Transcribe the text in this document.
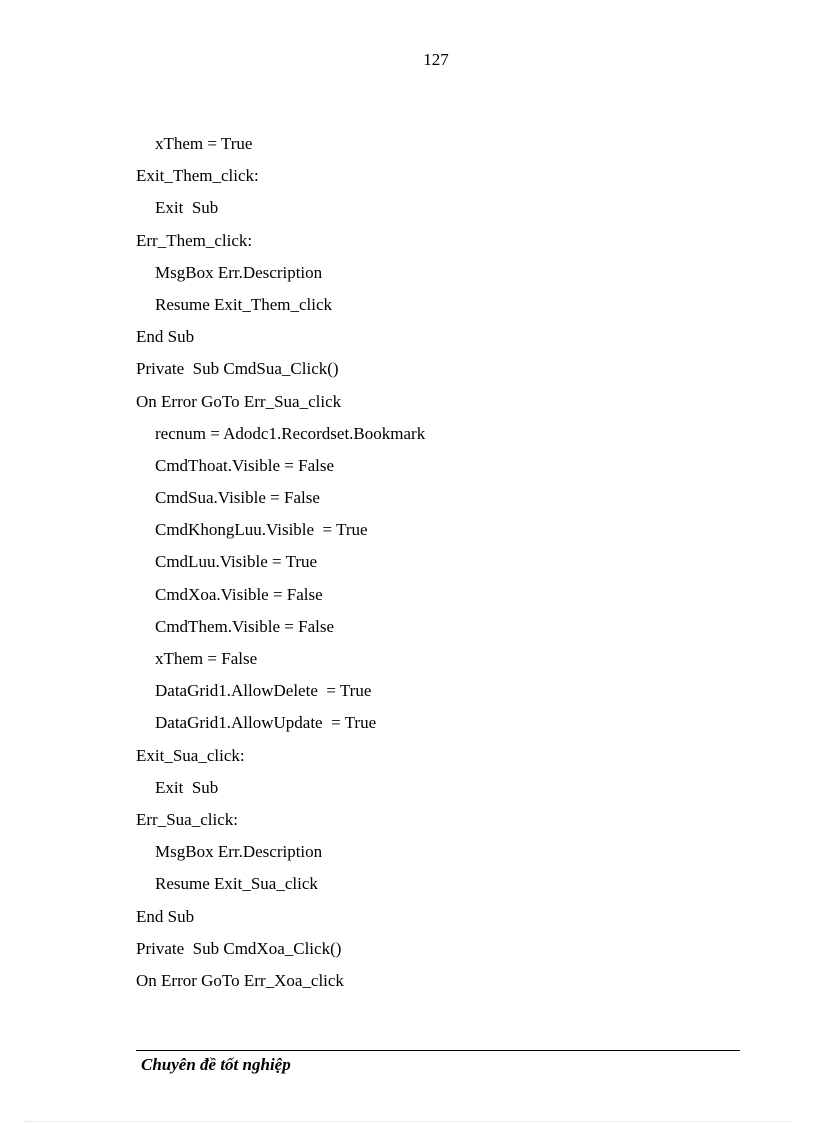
127
xThem = True
Exit_Them_click:
Exit  Sub
Err_Them_click:
MsgBox Err.Description
Resume Exit_Them_click
End Sub
Private  Sub CmdSua_Click()
On Error GoTo Err_Sua_click
recnum = Adodc1.Recordset.Bookmark
CmdThoat.Visible = False
CmdSua.Visible = False
CmdKhongLuu.Visible  = True
CmdLuu.Visible = True
CmdXoa.Visible = False
CmdThem.Visible = False
xThem = False
DataGrid1.AllowDelete  = True
DataGrid1.AllowUpdate  = True
Exit_Sua_click:
Exit  Sub
Err_Sua_click:
MsgBox Err.Description
Resume Exit_Sua_click
End Sub
Private  Sub CmdXoa_Click()
On Error GoTo Err_Xoa_click
Chuyên đề tốt nghiệp
